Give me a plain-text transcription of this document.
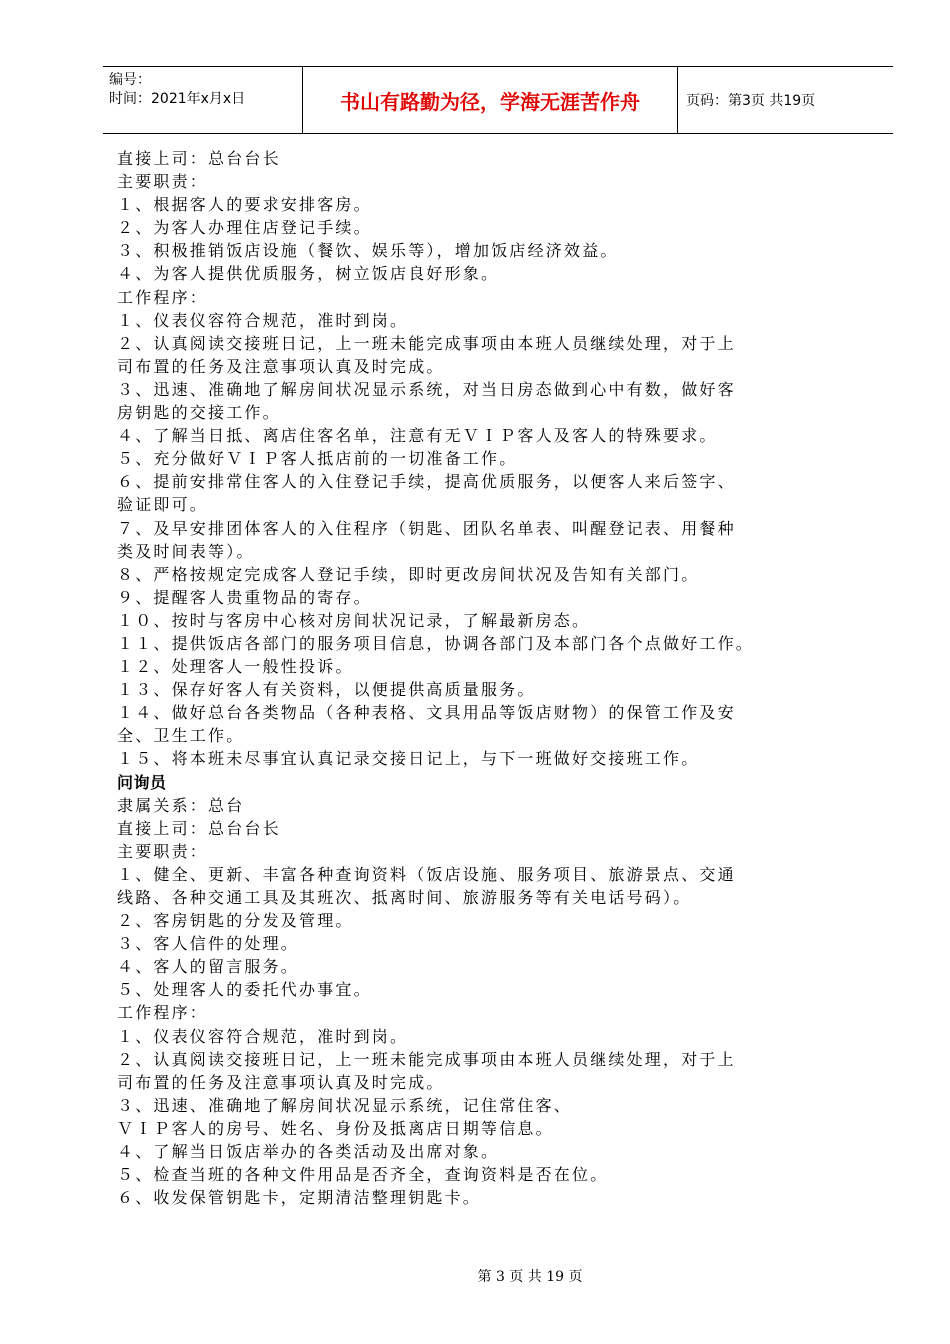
编号：
时间：2021年x月x日	书山有路勤为径，学海无涯苦作舟	页码：第3页 共19页
直接上司：总台台长
主要职责：
１、根据客人的要求安排客房。
２、为客人办理住店登记手续。
３、积极推销饭店设施（餐饮、娱乐等），增加饭店经济效益。
４、为客人提供优质服务，树立饭店良好形象。
工作程序：
１、仪表仪容符合规范，准时到岗。
２、认真阅读交接班日记，上一班未能完成事项由本班人员继续处理，对于上
司布置的任务及注意事项认真及时完成。
３、迅速、准确地了解房间状况显示系统，对当日房态做到心中有数，做好客
房钥匙的交接工作。
４、了解当日抵、离店住客名单，注意有无ＶＩＰ客人及客人的特殊要求。
５、充分做好ＶＩＰ客人抵店前的一切准备工作。
６、提前安排常住客人的入住登记手续，提高优质服务，以便客人来后签字、
验证即可。
７、及早安排团体客人的入住程序（钥匙、团队名单表、叫醒登记表、用餐种
类及时间表等）。
８、严格按规定完成客人登记手续，即时更改房间状况及告知有关部门。
９、提醒客人贵重物品的寄存。
１０、按时与客房中心核对房间状况记录，了解最新房态。
１１、提供饭店各部门的服务项目信息，协调各部门及本部门各个点做好工作。
１２、处理客人一般性投诉。
１３、保存好客人有关资料，以便提供高质量服务。
１４、做好总台各类物品（各种表格、文具用品等饭店财物）的保管工作及安
全、卫生工作。
１５、将本班未尽事宜认真记录交接日记上，与下一班做好交接班工作。
问询员
隶属关系：总台
直接上司：总台台长
主要职责：
１、健全、更新、丰富各种查询资料（饭店设施、服务项目、旅游景点、交通
线路、各种交通工具及其班次、抵离时间、旅游服务等有关电话号码）。
２、客房钥匙的分发及管理。
３、客人信件的处理。
４、客人的留言服务。
５、处理客人的委托代办事宜。
工作程序：
１、仪表仪容符合规范，准时到岗。
２、认真阅读交接班日记，上一班未能完成事项由本班人员继续处理，对于上
司布置的任务及注意事项认真及时完成。
３、迅速、准确地了解房间状况显示系统，记住常住客、
ＶＩＰ客人的房号、姓名、身份及抵离店日期等信息。
４、了解当日饭店举办的各类活动及出席对象。
５、检查当班的各种文件用品是否齐全，查询资料是否在位。
６、收发保管钥匙卡，定期清洁整理钥匙卡。
第 3 页 共 19 页
